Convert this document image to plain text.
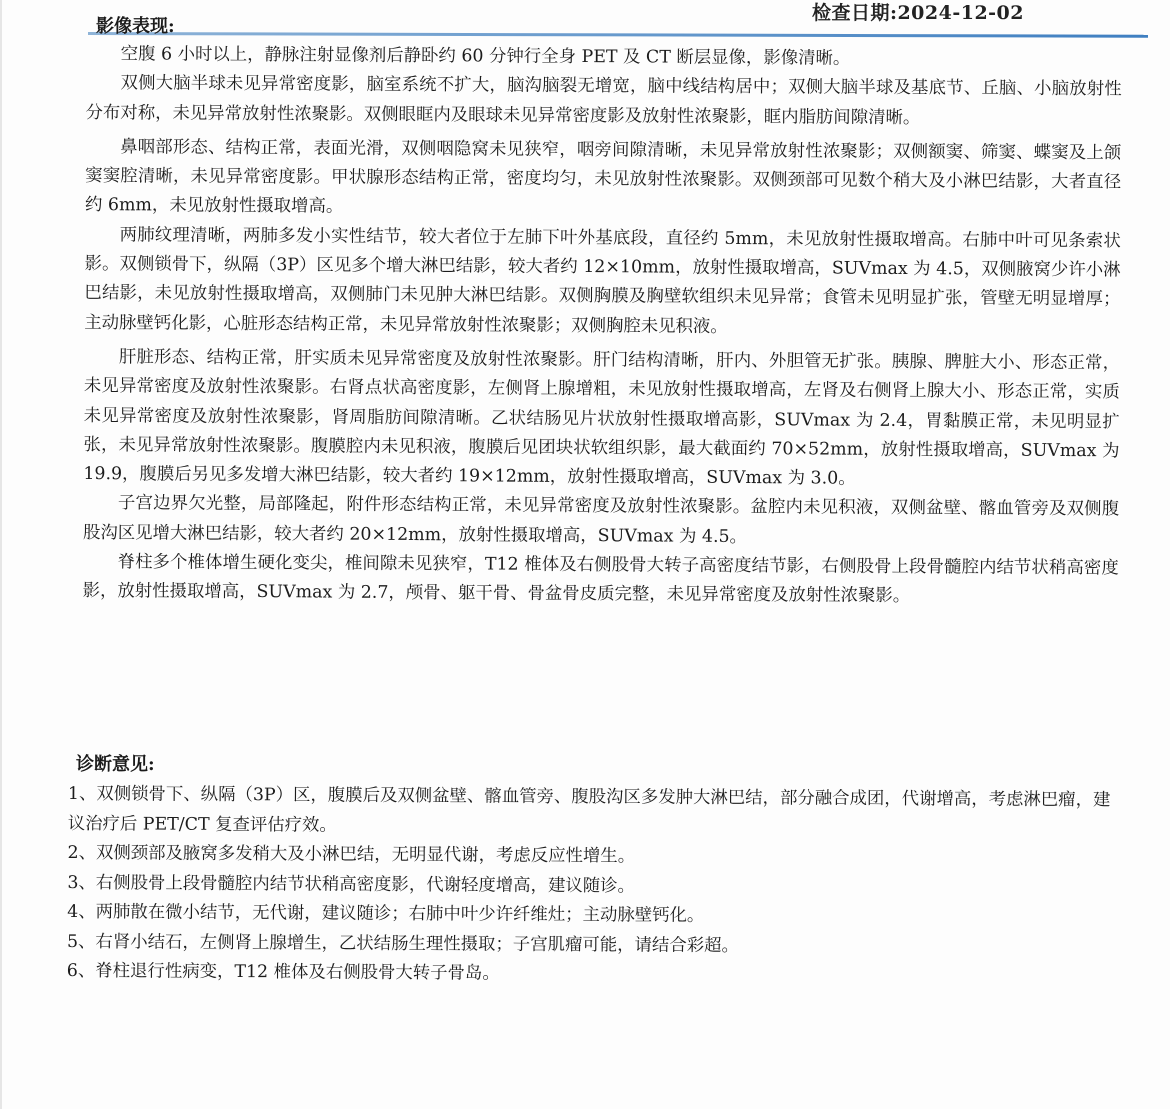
检查日期:2024-12-02
影像表现:

空腹 6 小时以上，静脉注射显像剂后静卧约 60 分钟行全身 PET 及 CT 断层显像，影像清晰。

双侧大脑半球未见异常密度影，脑室系统不扩大，脑沟脑裂无增宽，脑中线结构居中；双侧大脑半球及基底节、丘脑、小脑放射性分布对称，未见异常放射性浓聚影。双侧眼眶内及眼球未见异常密度影及放射性浓聚影，眶内脂肪间隙清晰。

鼻咽部形态、结构正常，表面光滑，双侧咽隐窝未见狭窄，咽旁间隙清晰，未见异常放射性浓聚影；双侧额窦、筛窦、蝶窦及上颌窦窦腔清晰，未见异常密度影。甲状腺形态结构正常，密度均匀，未见放射性浓聚影。双侧颈部可见数个稍大及小淋巴结影，大者直径约 6mm，未见放射性摄取增高。

两肺纹理清晰，两肺多发小实性结节，较大者位于左肺下叶外基底段，直径约 5mm，未见放射性摄取增高。右肺中叶可见条索状影。双侧锁骨下，纵隔（3P）区见多个增大淋巴结影，较大者约 12×10mm，放射性摄取增高，SUVmax 为 4.5，双侧腋窝少许小淋巴结影，未见放射性摄取增高，双侧肺门未见肿大淋巴结影。双侧胸膜及胸壁软组织未见异常；食管未见明显扩张，管壁无明显增厚；主动脉壁钙化影，心脏形态结构正常，未见异常放射性浓聚影；双侧胸腔未见积液。

肝脏形态、结构正常，肝实质未见异常密度及放射性浓聚影。肝门结构清晰，肝内、外胆管无扩张。胰腺、脾脏大小、形态正常，未见异常密度及放射性浓聚影。右肾点状高密度影，左侧肾上腺增粗，未见放射性摄取增高，左肾及右侧肾上腺大小、形态正常，实质未见异常密度及放射性浓聚影，肾周脂肪间隙清晰。乙状结肠见片状放射性摄取增高影，SUVmax 为 2.4，胃黏膜正常，未见明显扩张，未见异常放射性浓聚影。腹膜腔内未见积液，腹膜后见团块状软组织影，最大截面约 70×52mm，放射性摄取增高，SUVmax 为 19.9，腹膜后另见多发增大淋巴结影，较大者约 19×12mm，放射性摄取增高，SUVmax 为 3.0。

子宫边界欠光整，局部隆起，附件形态结构正常，未见异常密度及放射性浓聚影。盆腔内未见积液，双侧盆壁、髂血管旁及双侧腹股沟区见增大淋巴结影，较大者约 20×12mm，放射性摄取增高，SUVmax 为 4.5。

脊柱多个椎体增生硬化变尖，椎间隙未见狭窄，T12 椎体及右侧股骨大转子高密度结节影，右侧股骨上段骨髓腔内结节状稍高密度影，放射性摄取增高，SUVmax 为 2.7，颅骨、躯干骨、骨盆骨皮质完整，未见异常密度及放射性浓聚影。

诊断意见:
1、双侧锁骨下、纵隔（3P）区，腹膜后及双侧盆壁、髂血管旁、腹股沟区多发肿大淋巴结，部分融合成团，代谢增高，考虑淋巴瘤，建议治疗后 PET/CT 复查评估疗效。
2、双侧颈部及腋窝多发稍大及小淋巴结，无明显代谢，考虑反应性增生。
3、右侧股骨上段骨髓腔内结节状稍高密度影，代谢轻度增高，建议随诊。
4、两肺散在微小结节，无代谢，建议随诊；右肺中叶少许纤维灶；主动脉壁钙化。
5、右肾小结石，左侧肾上腺增生，乙状结肠生理性摄取；子宫肌瘤可能，请结合彩超。
6、脊柱退行性病变，T12 椎体及右侧股骨大转子骨岛。
